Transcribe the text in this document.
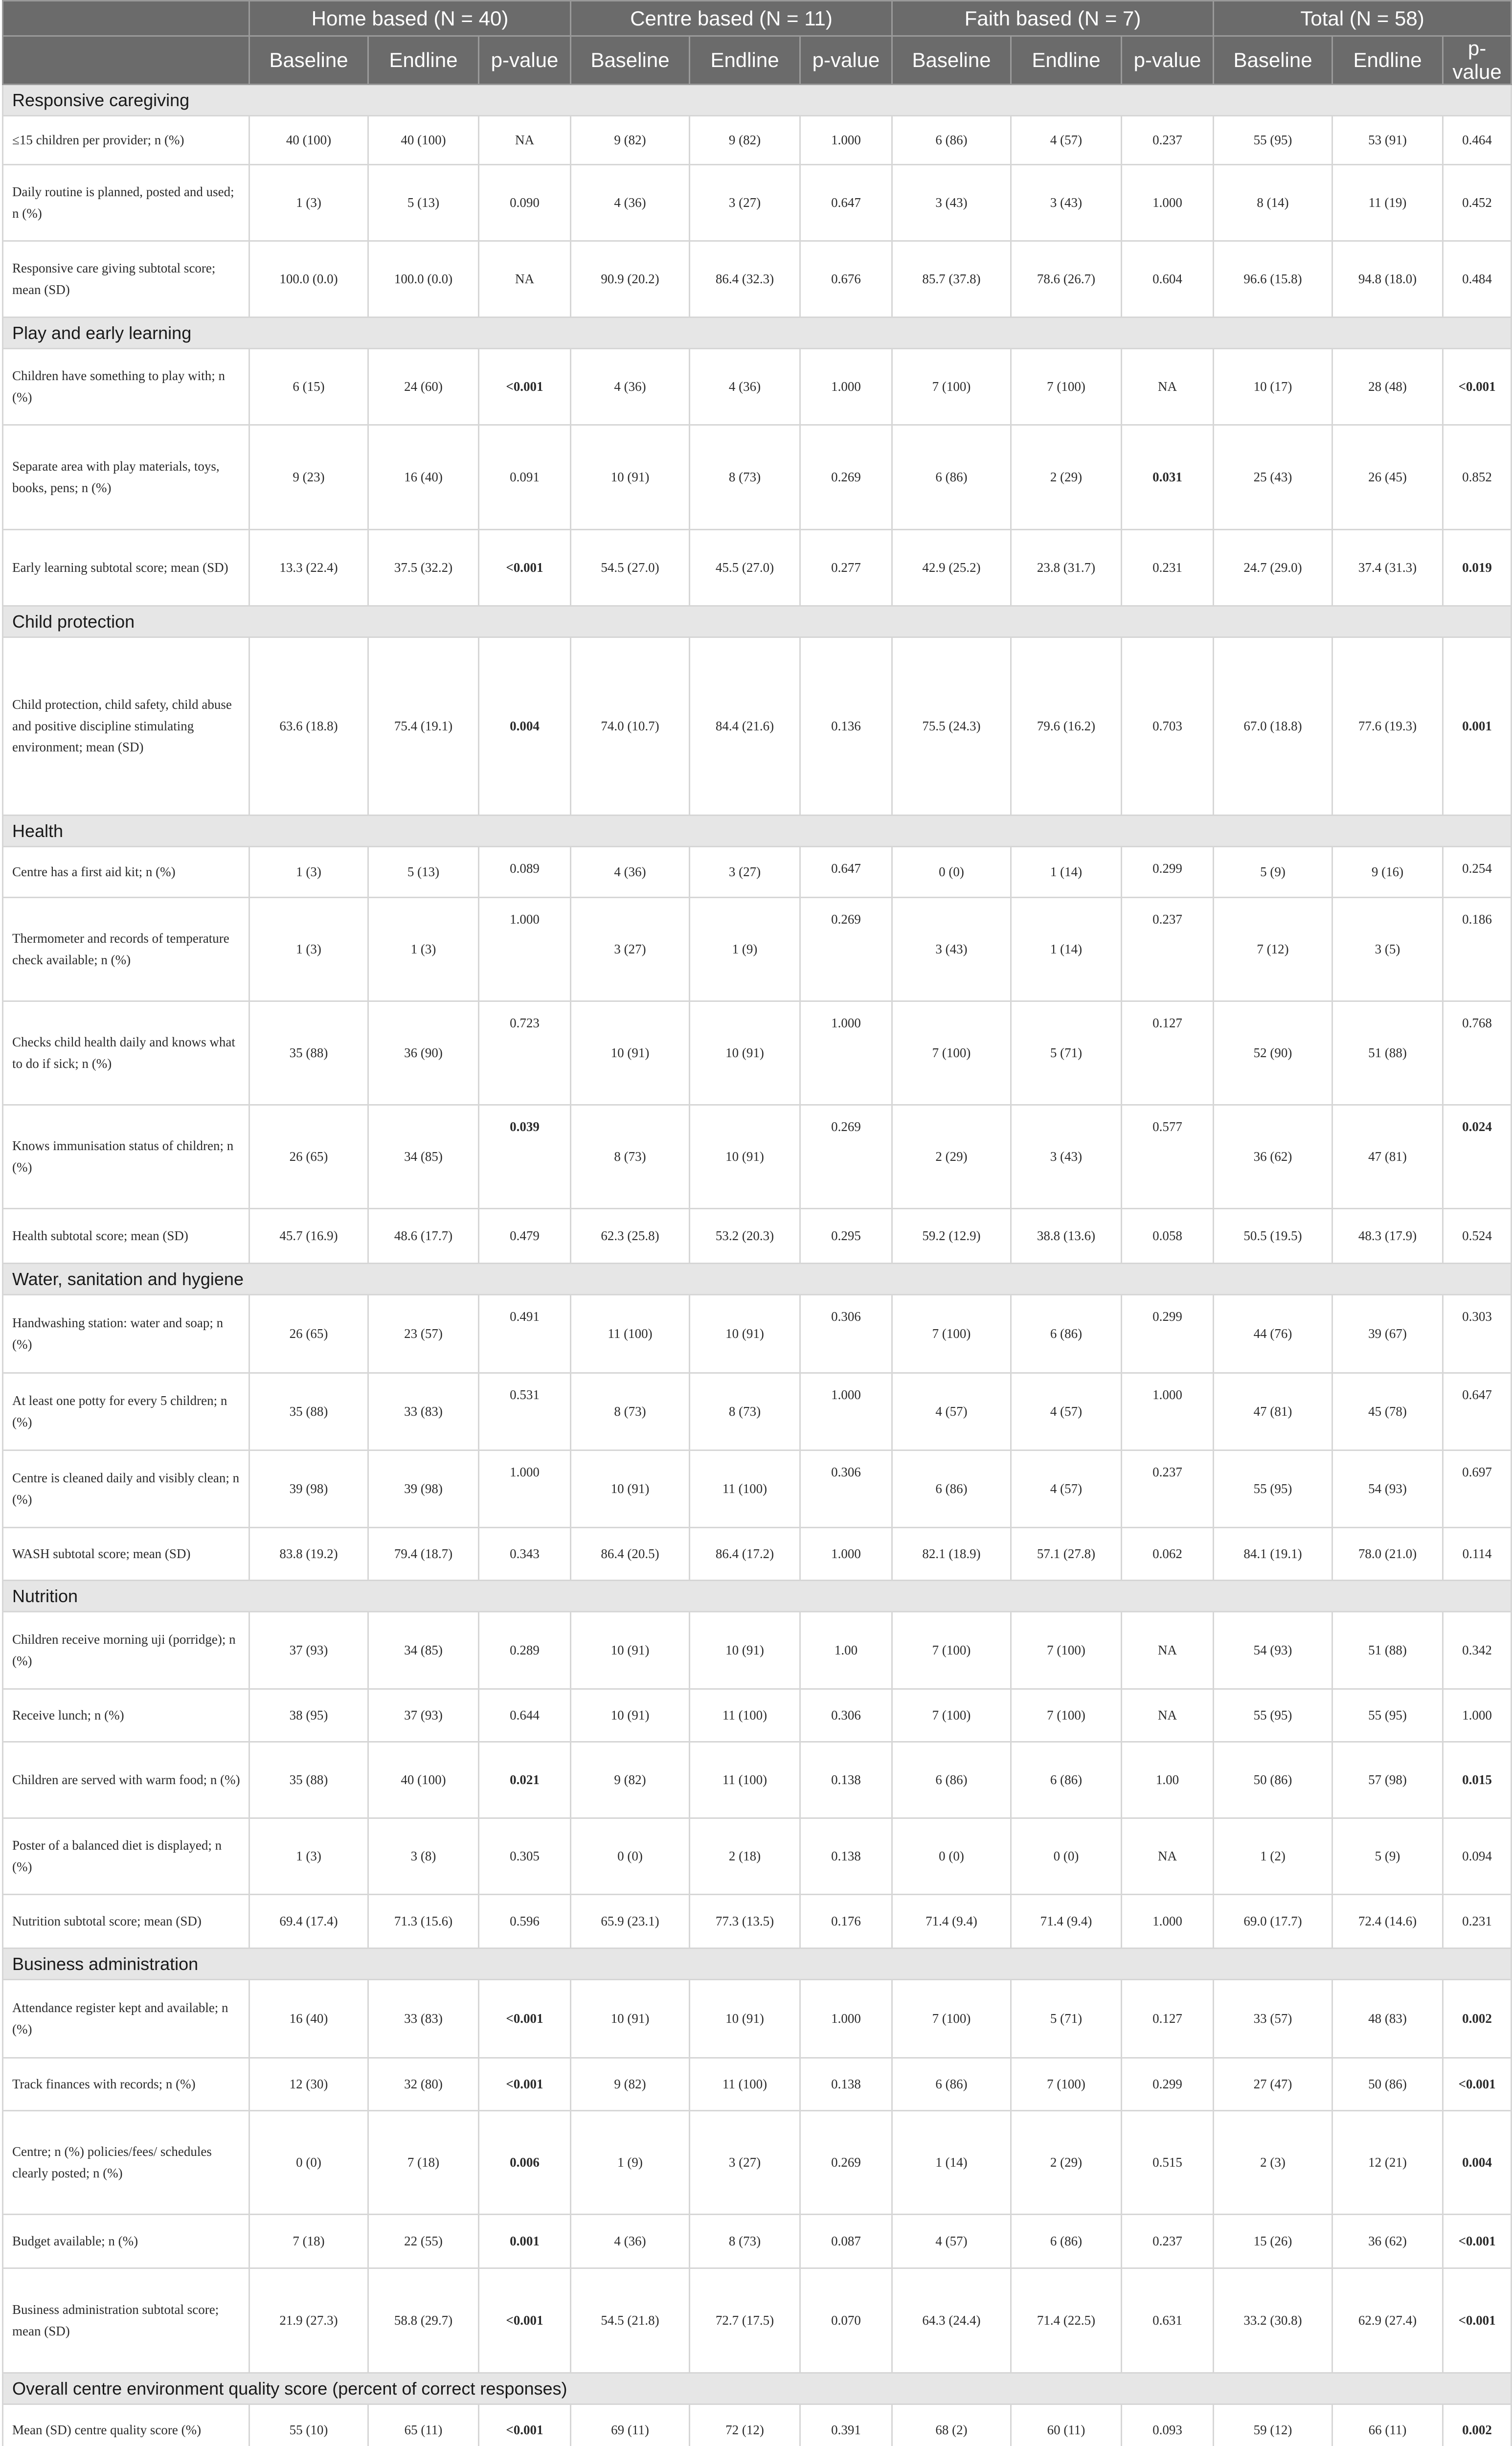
	Home based (N = 40)			Centre based (N = 11)			Faith based (N = 7)			Total (N = 58)		
	Baseline	Endline	p-value	Baseline	Endline	p-value	Baseline	Endline	p-value	Baseline	Endline	p-value
Responsive caregiving												
≤15 children per provider; n (%)	40 (100)	40 (100)	NA	9 (82)	9 (82)	1.000	6 (86)	4 (57)	0.237	55 (95)	53 (91)	0.464
Daily routine is planned, posted and used; n (%)	1 (3)	5 (13)	0.090	4 (36)	3 (27)	0.647	3 (43)	3 (43)	1.000	8 (14)	11 (19)	0.452
Responsive care giving subtotal score; mean (SD)	100.0 (0.0)	100.0 (0.0)	NA	90.9 (20.2)	86.4 (32.3)	0.676	85.7 (37.8)	78.6 (26.7)	0.604	96.6 (15.8)	94.8 (18.0)	0.484
Play and early learning												
Children have something to play with; n (%)	6 (15)	24 (60)	<0.001	4 (36)	4 (36)	1.000	7 (100)	7 (100)	NA	10 (17)	28 (48)	<0.001
Separate area with play materials, toys, books, pens; n (%)	9 (23)	16 (40)	0.091	10 (91)	8 (73)	0.269	6 (86)	2 (29)	0.031	25 (43)	26 (45)	0.852
Early learning subtotal score; mean (SD)	13.3 (22.4)	37.5 (32.2)	<0.001	54.5 (27.0)	45.5 (27.0)	0.277	42.9 (25.2)	23.8 (31.7)	0.231	24.7 (29.0)	37.4 (31.3)	0.019
Child protection												
Child protection, child safety, child abuse and positive discipline stimulating environment; mean (SD)	63.6 (18.8)	75.4 (19.1)	0.004	74.0 (10.7)	84.4 (21.6)	0.136	75.5 (24.3)	79.6 (16.2)	0.703	67.0 (18.8)	77.6 (19.3)	0.001
Health												
Centre has a first aid kit; n (%)	1 (3)	5 (13)	0.089	4 (36)	3 (27)	0.647	0 (0)	1 (14)	0.299	5 (9)	9 (16)	0.254
Thermometer and records of temperature check available; n (%)	1 (3)	1 (3)	1.000	3 (27)	1 (9)	0.269	3 (43)	1 (14)	0.237	7 (12)	3 (5)	0.186
Checks child health daily and knows what to do if sick; n (%)	35 (88)	36 (90)	0.723	10 (91)	10 (91)	1.000	7 (100)	5 (71)	0.127	52 (90)	51 (88)	0.768
Knows immunisation status of children; n (%)	26 (65)	34 (85)	0.039	8 (73)	10 (91)	0.269	2 (29)	3 (43)	0.577	36 (62)	47 (81)	0.024
Health subtotal score; mean (SD)	45.7 (16.9)	48.6 (17.7)	0.479	62.3 (25.8)	53.2 (20.3)	0.295	59.2 (12.9)	38.8 (13.6)	0.058	50.5 (19.5)	48.3 (17.9)	0.524
Water, sanitation and hygiene												
Handwashing station: water and soap; n (%)	26 (65)	23 (57)	0.491	11 (100)	10 (91)	0.306	7 (100)	6 (86)	0.299	44 (76)	39 (67)	0.303
At least one potty for every 5 children; n (%)	35 (88)	33 (83)	0.531	8 (73)	8 (73)	1.000	4 (57)	4 (57)	1.000	47 (81)	45 (78)	0.647
Centre is cleaned daily and visibly clean; n (%)	39 (98)	39 (98)	1.000	10 (91)	11 (100)	0.306	6 (86)	4 (57)	0.237	55 (95)	54 (93)	0.697
WASH subtotal score; mean (SD)	83.8 (19.2)	79.4 (18.7)	0.343	86.4 (20.5)	86.4 (17.2)	1.000	82.1 (18.9)	57.1 (27.8)	0.062	84.1 (19.1)	78.0 (21.0)	0.114
Nutrition												
Children receive morning uji (porridge); n (%)	37 (93)	34 (85)	0.289	10 (91)	10 (91)	1.00	7 (100)	7 (100)	NA	54 (93)	51 (88)	0.342
Receive lunch; n (%)	38 (95)	37 (93)	0.644	10 (91)	11 (100)	0.306	7 (100)	7 (100)	NA	55 (95)	55 (95)	1.000
Children are served with warm food; n (%)	35 (88)	40 (100)	0.021	9 (82)	11 (100)	0.138	6 (86)	6 (86)	1.00	50 (86)	57 (98)	0.015
Poster of a balanced diet is displayed; n (%)	1 (3)	3 (8)	0.305	0 (0)	2 (18)	0.138	0 (0)	0 (0)	NA	1 (2)	5 (9)	0.094
Nutrition subtotal score; mean (SD)	69.4 (17.4)	71.3 (15.6)	0.596	65.9 (23.1)	77.3 (13.5)	0.176	71.4 (9.4)	71.4 (9.4)	1.000	69.0 (17.7)	72.4 (14.6)	0.231
Business administration												
Attendance register kept and available; n (%)	16 (40)	33 (83)	<0.001	10 (91)	10 (91)	1.000	7 (100)	5 (71)	0.127	33 (57)	48 (83)	0.002
Track finances with records; n (%)	12 (30)	32 (80)	<0.001	9 (82)	11 (100)	0.138	6 (86)	7 (100)	0.299	27 (47)	50 (86)	<0.001
Centre; n (%) policies/fees/ schedules clearly posted; n (%)	0 (0)	7 (18)	0.006	1 (9)	3 (27)	0.269	1 (14)	2 (29)	0.515	2 (3)	12 (21)	0.004
Budget available; n (%)	7 (18)	22 (55)	0.001	4 (36)	8 (73)	0.087	4 (57)	6 (86)	0.237	15 (26)	36 (62)	<0.001
Business administration subtotal score; mean (SD)	21.9 (27.3)	58.8 (29.7)	<0.001	54.5 (21.8)	72.7 (17.5)	0.070	64.3 (24.4)	71.4 (22.5)	0.631	33.2 (30.8)	62.9 (27.4)	<0.001
Overall centre environment quality score (percent of correct responses)												
Mean (SD) centre quality score (%)	55 (10)	65 (11)	<0.001	69 (11)	72 (12)	0.391	68 (2)	60 (11)	0.093	59 (12)	66 (11)	0.002
